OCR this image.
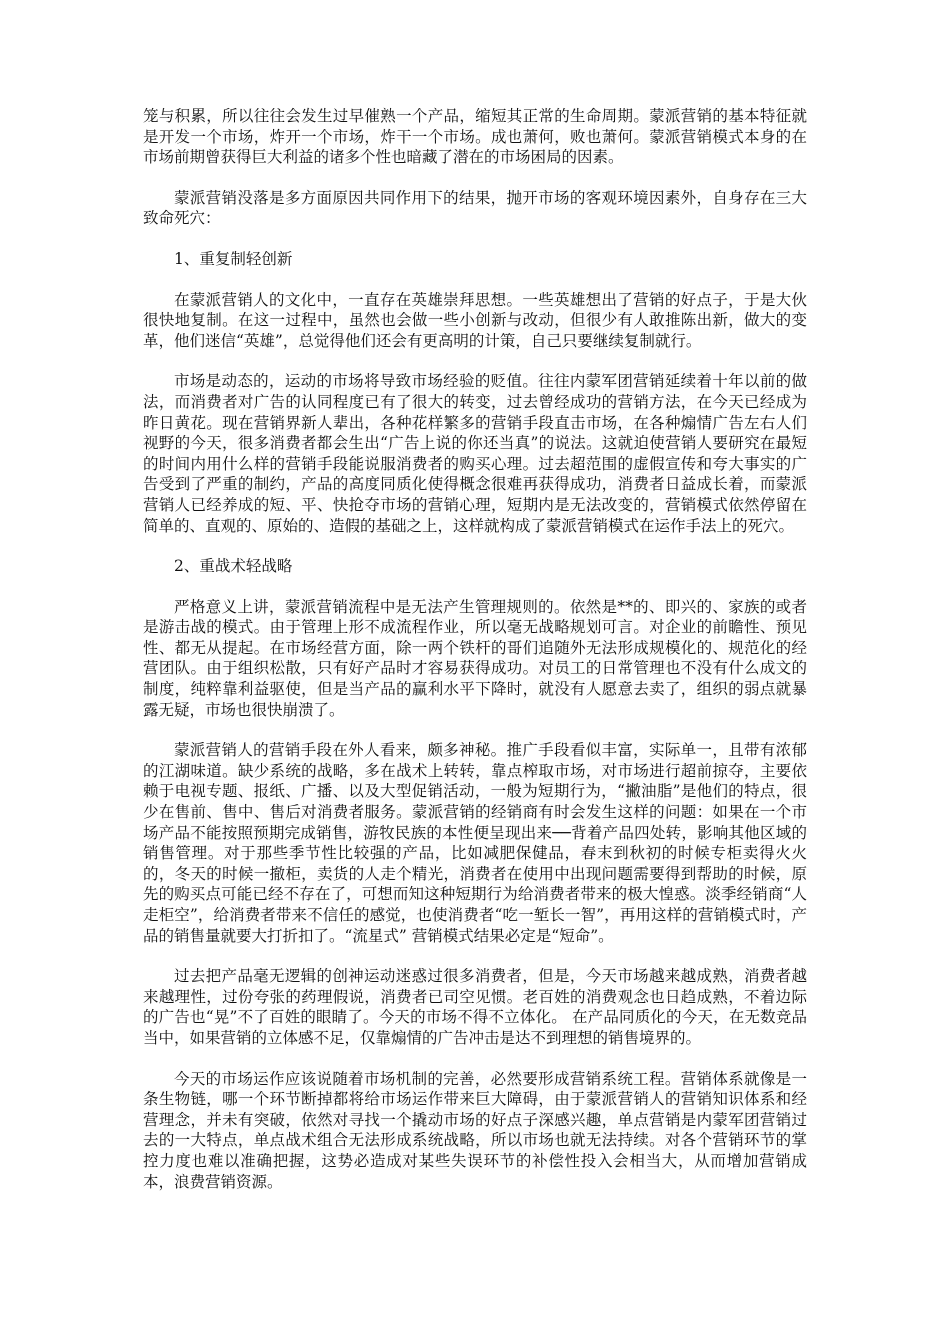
笼与积累，所以往往会发生过早催熟一个产品，缩短其正常的生命周期。蒙派营销的基本特征就是开发一个市场，炸开一个市场，炸干一个市场。成也萧何，败也萧何。蒙派营销模式本身的在市场前期曾获得巨大利益的诸多个性也暗藏了潜在的市场困局的因素。

蒙派营销没落是多方面原因共同作用下的结果，抛开市场的客观环境因素外，自身存在三大致命死穴：

1、重复制轻创新

在蒙派营销人的文化中，一直存在英雄崇拜思想。一些英雄想出了营销的好点子，于是大伙很快地复制。在这一过程中，虽然也会做一些小创新与改动，但很少有人敢推陈出新，做大的变革，他们迷信“英雄”，总觉得他们还会有更高明的计策，自己只要继续复制就行。

市场是动态的，运动的市场将导致市场经验的贬值。往往内蒙军团营销延续着十年以前的做法，而消费者对广告的认同程度已有了很大的转变，过去曾经成功的营销方法，在今天已经成为昨日黄花。现在营销界新人辈出，各种花样繁多的营销手段直击市场，在各种煽情广告左右人们视野的今天，很多消费者都会生出“广告上说的你还当真”的说法。这就迫使营销人要研究在最短的时间内用什么样的营销手段能说服消费者的购买心理。过去超范围的虚假宣传和夸大事实的广告受到了严重的制约，产品的高度同质化使得概念很难再获得成功，消费者日益成长着，而蒙派营销人已经养成的短、平、快抢夺市场的营销心理，短期内是无法改变的，营销模式依然停留在简单的、直观的、原始的、造假的基础之上，这样就构成了蒙派营销模式在运作手法上的死穴。

2、重战术轻战略

严格意义上讲，蒙派营销流程中是无法产生管理规则的。依然是**的、即兴的、家族的或者是游击战的模式。由于管理上形不成流程作业，所以毫无战略规划可言。对企业的前瞻性、预见性、都无从提起。在市场经营方面，除一两个铁杆的哥们追随外无法形成规模化的、规范化的经营团队。由于组织松散，只有好产品时才容易获得成功。对员工的日常管理也不没有什么成文的制度，纯粹靠利益驱使，但是当产品的赢利水平下降时，就没有人愿意去卖了，组织的弱点就暴露无疑，市场也很快崩溃了。

蒙派营销人的营销手段在外人看来，颇多神秘。推广手段看似丰富，实际单一，且带有浓郁的江湖味道。缺少系统的战略，多在战术上转转，靠点榨取市场，对市场进行超前掠夺，主要依赖于电视专题、报纸、广播、以及大型促销活动，一般为短期行为，“撇油脂”是他们的特点，很少在售前、售中、售后对消费者服务。蒙派营销的经销商有时会发生这样的问题：如果在一个市场产品不能按照预期完成销售，游牧民族的本性便呈现出来──背着产品四处转，影响其他区域的销售管理。对于那些季节性比较强的产品，比如减肥保健品，春末到秋初的时候专柜卖得火火的，冬天的时候一撤柜，卖货的人走个精光，消费者在使用中出现问题需要得到帮助的时候，原先的购买点可能已经不存在了，可想而知这种短期行为给消费者带来的极大惶惑。淡季经销商“人走柜空”，给消费者带来不信任的感觉，也使消费者“吃一堑长一智”，再用这样的营销模式时，产品的销售量就要大打折扣了。“流星式” 营销模式结果必定是“短命”。

过去把产品毫无逻辑的创神运动迷惑过很多消费者，但是，今天市场越来越成熟，消费者越来越理性，过份夸张的药理假说，消费者已司空见惯。老百姓的消费观念也日趋成熟，不着边际的广告也“晃”不了百姓的眼睛了。今天的市场不得不立体化。 在产品同质化的今天，在无数竞品当中，如果营销的立体感不足，仅靠煽情的广告冲击是达不到理想的销售境界的。

今天的市场运作应该说随着市场机制的完善，必然要形成营销系统工程。营销体系就像是一条生物链，哪一个环节断掉都将给市场运作带来巨大障碍，由于蒙派营销人的营销知识体系和经营理念，并未有突破，依然对寻找一个撬动市场的好点子深感兴趣，单点营销是内蒙军团营销过去的一大特点，单点战术组合无法形成系统战略，所以市场也就无法持续。对各个营销环节的掌控力度也难以准确把握，这势必造成对某些失误环节的补偿性投入会相当大，从而增加营销成本，浪费营销资源。
